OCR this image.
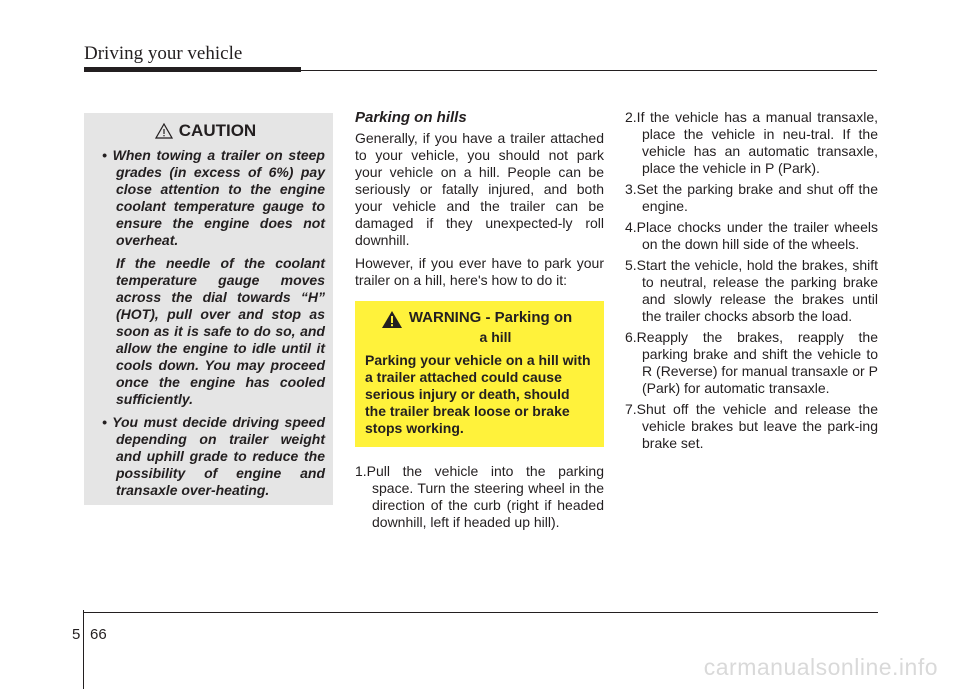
Driving your vehicle
CAUTION

• When towing a trailer on steep grades (in excess of 6%) pay close attention to the engine coolant temperature gauge to ensure the engine does not overheat.

If the needle of the coolant temperature gauge moves across the dial towards “H” (HOT), pull over and stop as soon as it is safe to do so, and allow the engine to idle until it cools down. You may proceed once the engine has cooled sufficiently.

• You must decide driving speed depending on trailer weight and uphill grade to reduce the possibility of engine and transaxle over-heating.

Parking on hills

Generally, if you have a trailer attached to your vehicle, you should not park your vehicle on a hill. People can be seriously or fatally injured, and both your vehicle and the trailer can be damaged if they unexpected-ly roll downhill.

However, if you ever have to park your trailer on a hill, here's how to do it:

WARNING - Parking on
a hill
Parking your vehicle on a hill with a trailer attached could cause serious injury or death, should the trailer break loose or brake stops working.

1.Pull the vehicle into the parking space. Turn the steering wheel in the direction of the curb (right if headed downhill, left if headed up hill).

2.If the vehicle has a manual transaxle, place the vehicle in neu-tral. If the vehicle has an automatic transaxle, place the vehicle in P (Park).

3.Set the parking brake and shut off the engine.

4.Place chocks under the trailer wheels on the down hill side of the wheels.

5.Start the vehicle, hold the brakes, shift to neutral, release the parking brake and slowly release the brakes until the trailer chocks absorb the load.

6.Reapply the brakes, reapply the parking brake and shift the vehicle to R (Reverse) for manual transaxle or P (Park) for automatic transaxle.

7.Shut off the vehicle and release the vehicle brakes but leave the park-ing brake set.

5 66
carmanualsonline.info
